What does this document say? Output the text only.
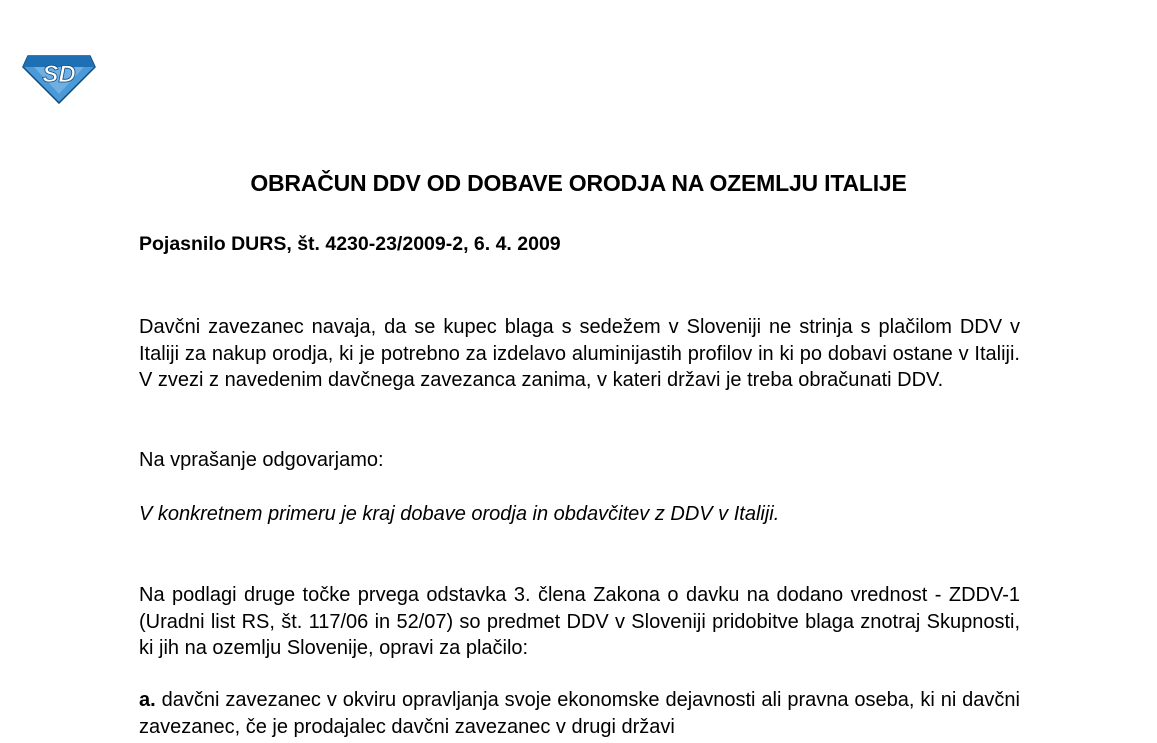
SD
OBRAČUN DDV OD DOBAVE ORODJA NA OZEMLJU ITALIJE
Pojasnilo DURS, št. 4230-23/2009-2, 6. 4. 2009

Davčni zavezanec navaja, da se kupec blaga s sedežem v Sloveniji ne strinja s plačilom DDV v Italiji za nakup orodja, ki je potrebno za izdelavo aluminijastih profilov in ki po dobavi ostane v Italiji. V zvezi z navedenim davčnega zavezanca zanima, v kateri državi je treba obračunati DDV.

Na vprašanje odgovarjamo:

V konkretnem primeru je kraj dobave orodja in obdavčitev z DDV v Italiji.

Na podlagi druge točke prvega odstavka 3. člena Zakona o davku na dodano vrednost - ZDDV-1 (Uradni list RS, št. 117/06 in 52/07) so predmet DDV v Sloveniji pridobitve blaga znotraj Skupnosti, ki jih na ozemlju Slovenije, opravi za plačilo:

a. davčni zavezanec v okviru opravljanja svoje ekonomske dejavnosti ali pravna oseba, ki ni davčni zavezanec, če je prodajalec davčni zavezanec v drugi državi
